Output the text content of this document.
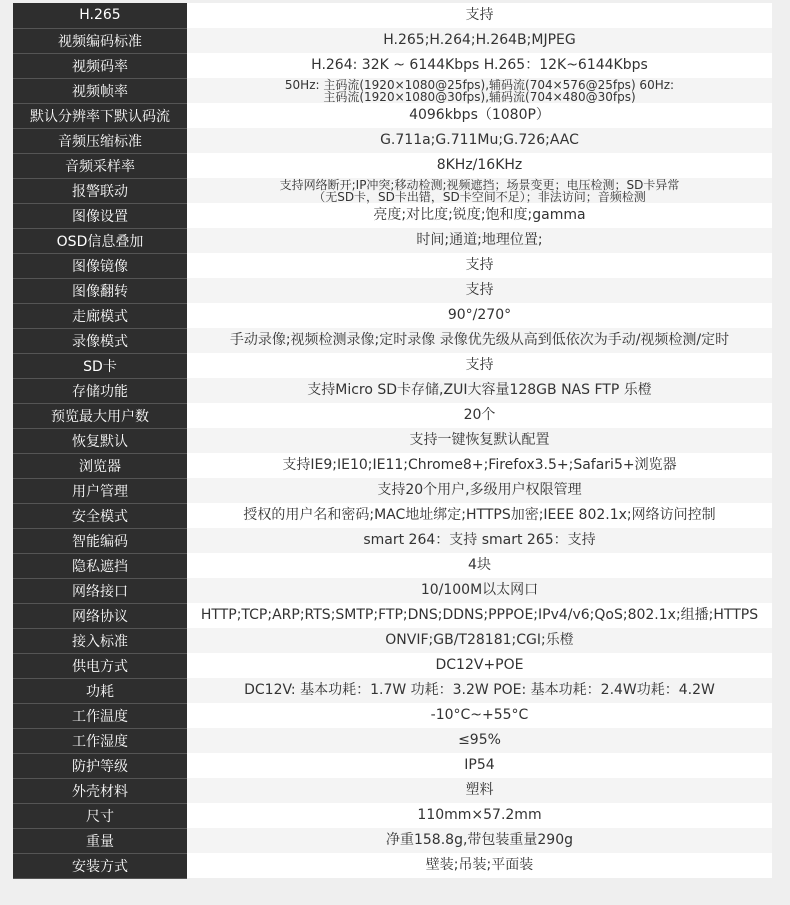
H.265	支持

视频编码标准	H.265;H.264;H.264B;MJPEG

视频码率	H.264: 32K ~ 6144Kbps H.265：12K~6144Kbps

视频帧率	50Hz: 主码流(1920×1080@25fps),辅码流(704×576@25fps) 60Hz:
主码流(1920×1080@30fps),辅码流(704×480@30fps)

默认分辨率下默认码流	4096kbps（1080P）

音频压缩标准	G.711a;G.711Mu;G.726;AAC

音频采样率	8KHz/16KHz

报警联动	支持网络断开;IP冲突;移动检测;视频遮挡；场景变更；电压检测；SD卡异常
（无SD卡，SD卡出错，SD卡空间不足）；非法访问；音频检测

图像设置	亮度;对比度;锐度;饱和度;gamma

OSD信息叠加	时间;通道;地理位置;

图像镜像	支持

图像翻转	支持

走廊模式	90°/270°

录像模式	手动录像;视频检测录像;定时录像 录像优先级从高到低依次为手动/视频检测/定时

SD卡	支持

存储功能	支持Micro SD卡存储,ZUI大容量128GB NAS FTP 乐橙

预览最大用户数	20个

恢复默认	支持一键恢复默认配置

浏览器	支持IE9;IE10;IE11;Chrome8+;Firefox3.5+;Safari5+浏览器

用户管理	支持20个用户,多级用户权限管理

安全模式	授权的用户名和密码;MAC地址绑定;HTTPS加密;IEEE 802.1x;网络访问控制

智能编码	smart 264：支持 smart 265：支持

隐私遮挡	4块

网络接口	10/100M以太网口

网络协议	HTTP;TCP;ARP;RTS;SMTP;FTP;DNS;DDNS;PPPOE;IPv4/v6;QoS;802.1x;组播;HTTPS

接入标准	ONVIF;GB/T28181;CGI;乐橙

供电方式	DC12V+POE

功耗	DC12V: 基本功耗：1.7W 功耗：3.2W POE: 基本功耗：2.4W功耗：4.2W

工作温度	-10°C~+55°C

工作湿度	≤95%

防护等级	IP54

外壳材料	塑料

尺寸	110mm×57.2mm

重量	净重158.8g,带包装重量290g

安装方式	壁装;吊装;平面装
